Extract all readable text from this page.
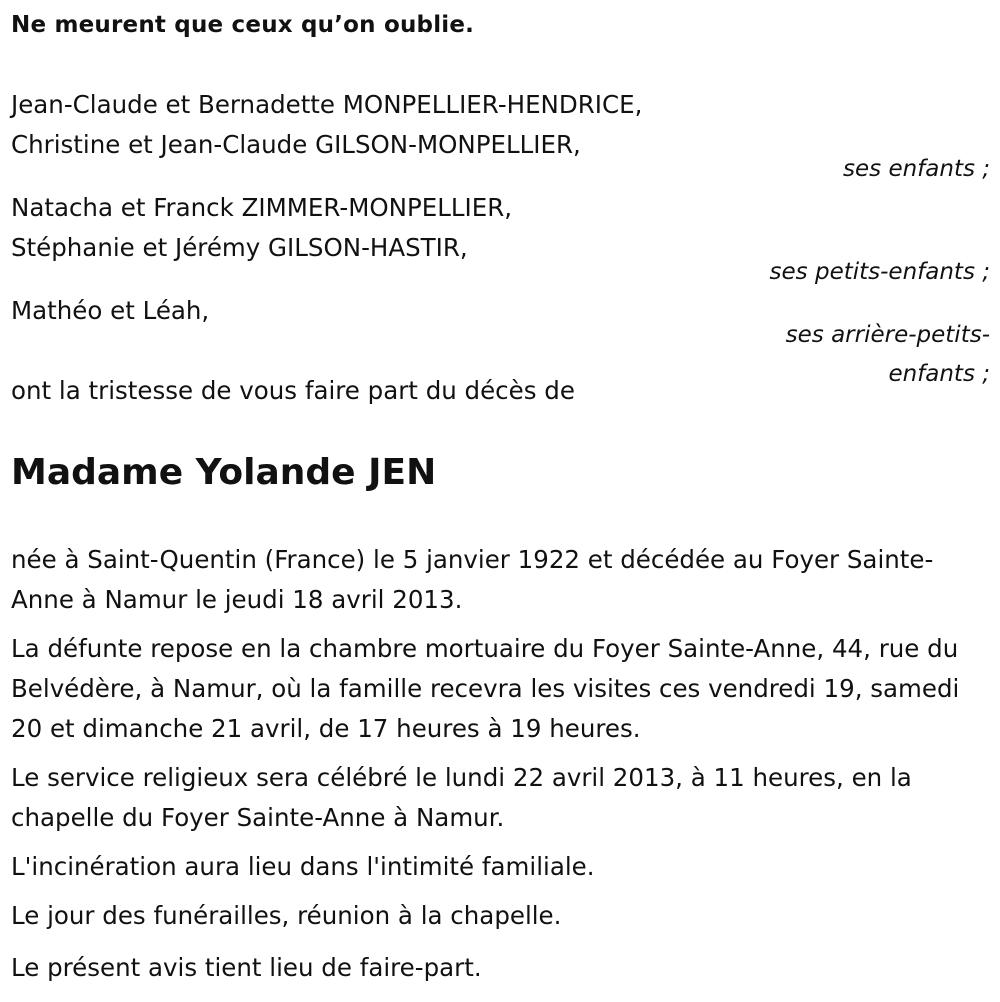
Ne meurent que ceux qu’on oublie.
Jean-Claude et Bernadette MONPELLIER-HENDRICE,
Christine et Jean-Claude GILSON-MONPELLIER,
ses enfants ;
Natacha et Franck ZIMMER-MONPELLIER,
Stéphanie et Jérémy GILSON-HASTIR,
ses petits-enfants ;
Mathéo et Léah,
ses arrière-petits-enfants ;
ont la tristesse de vous faire part du décès de
Madame Yolande JEN

née à Saint-Quentin (France) le 5 janvier 1922 et décédée au Foyer Sainte-Anne à Namur le jeudi 18 avril 2013.

La défunte repose en la chambre mortuaire du Foyer Sainte-Anne, 44, rue du Belvédère, à Namur, où la famille recevra les visites ces vendredi 19, samedi 20 et dimanche 21 avril, de 17 heures à 19 heures.

Le service religieux sera célébré le lundi 22 avril 2013, à 11 heures, en la chapelle du Foyer Sainte-Anne à Namur.

L'incinération aura lieu dans l'intimité familiale.

Le jour des funérailles, réunion à la chapelle.

Le présent avis tient lieu de faire-part.
